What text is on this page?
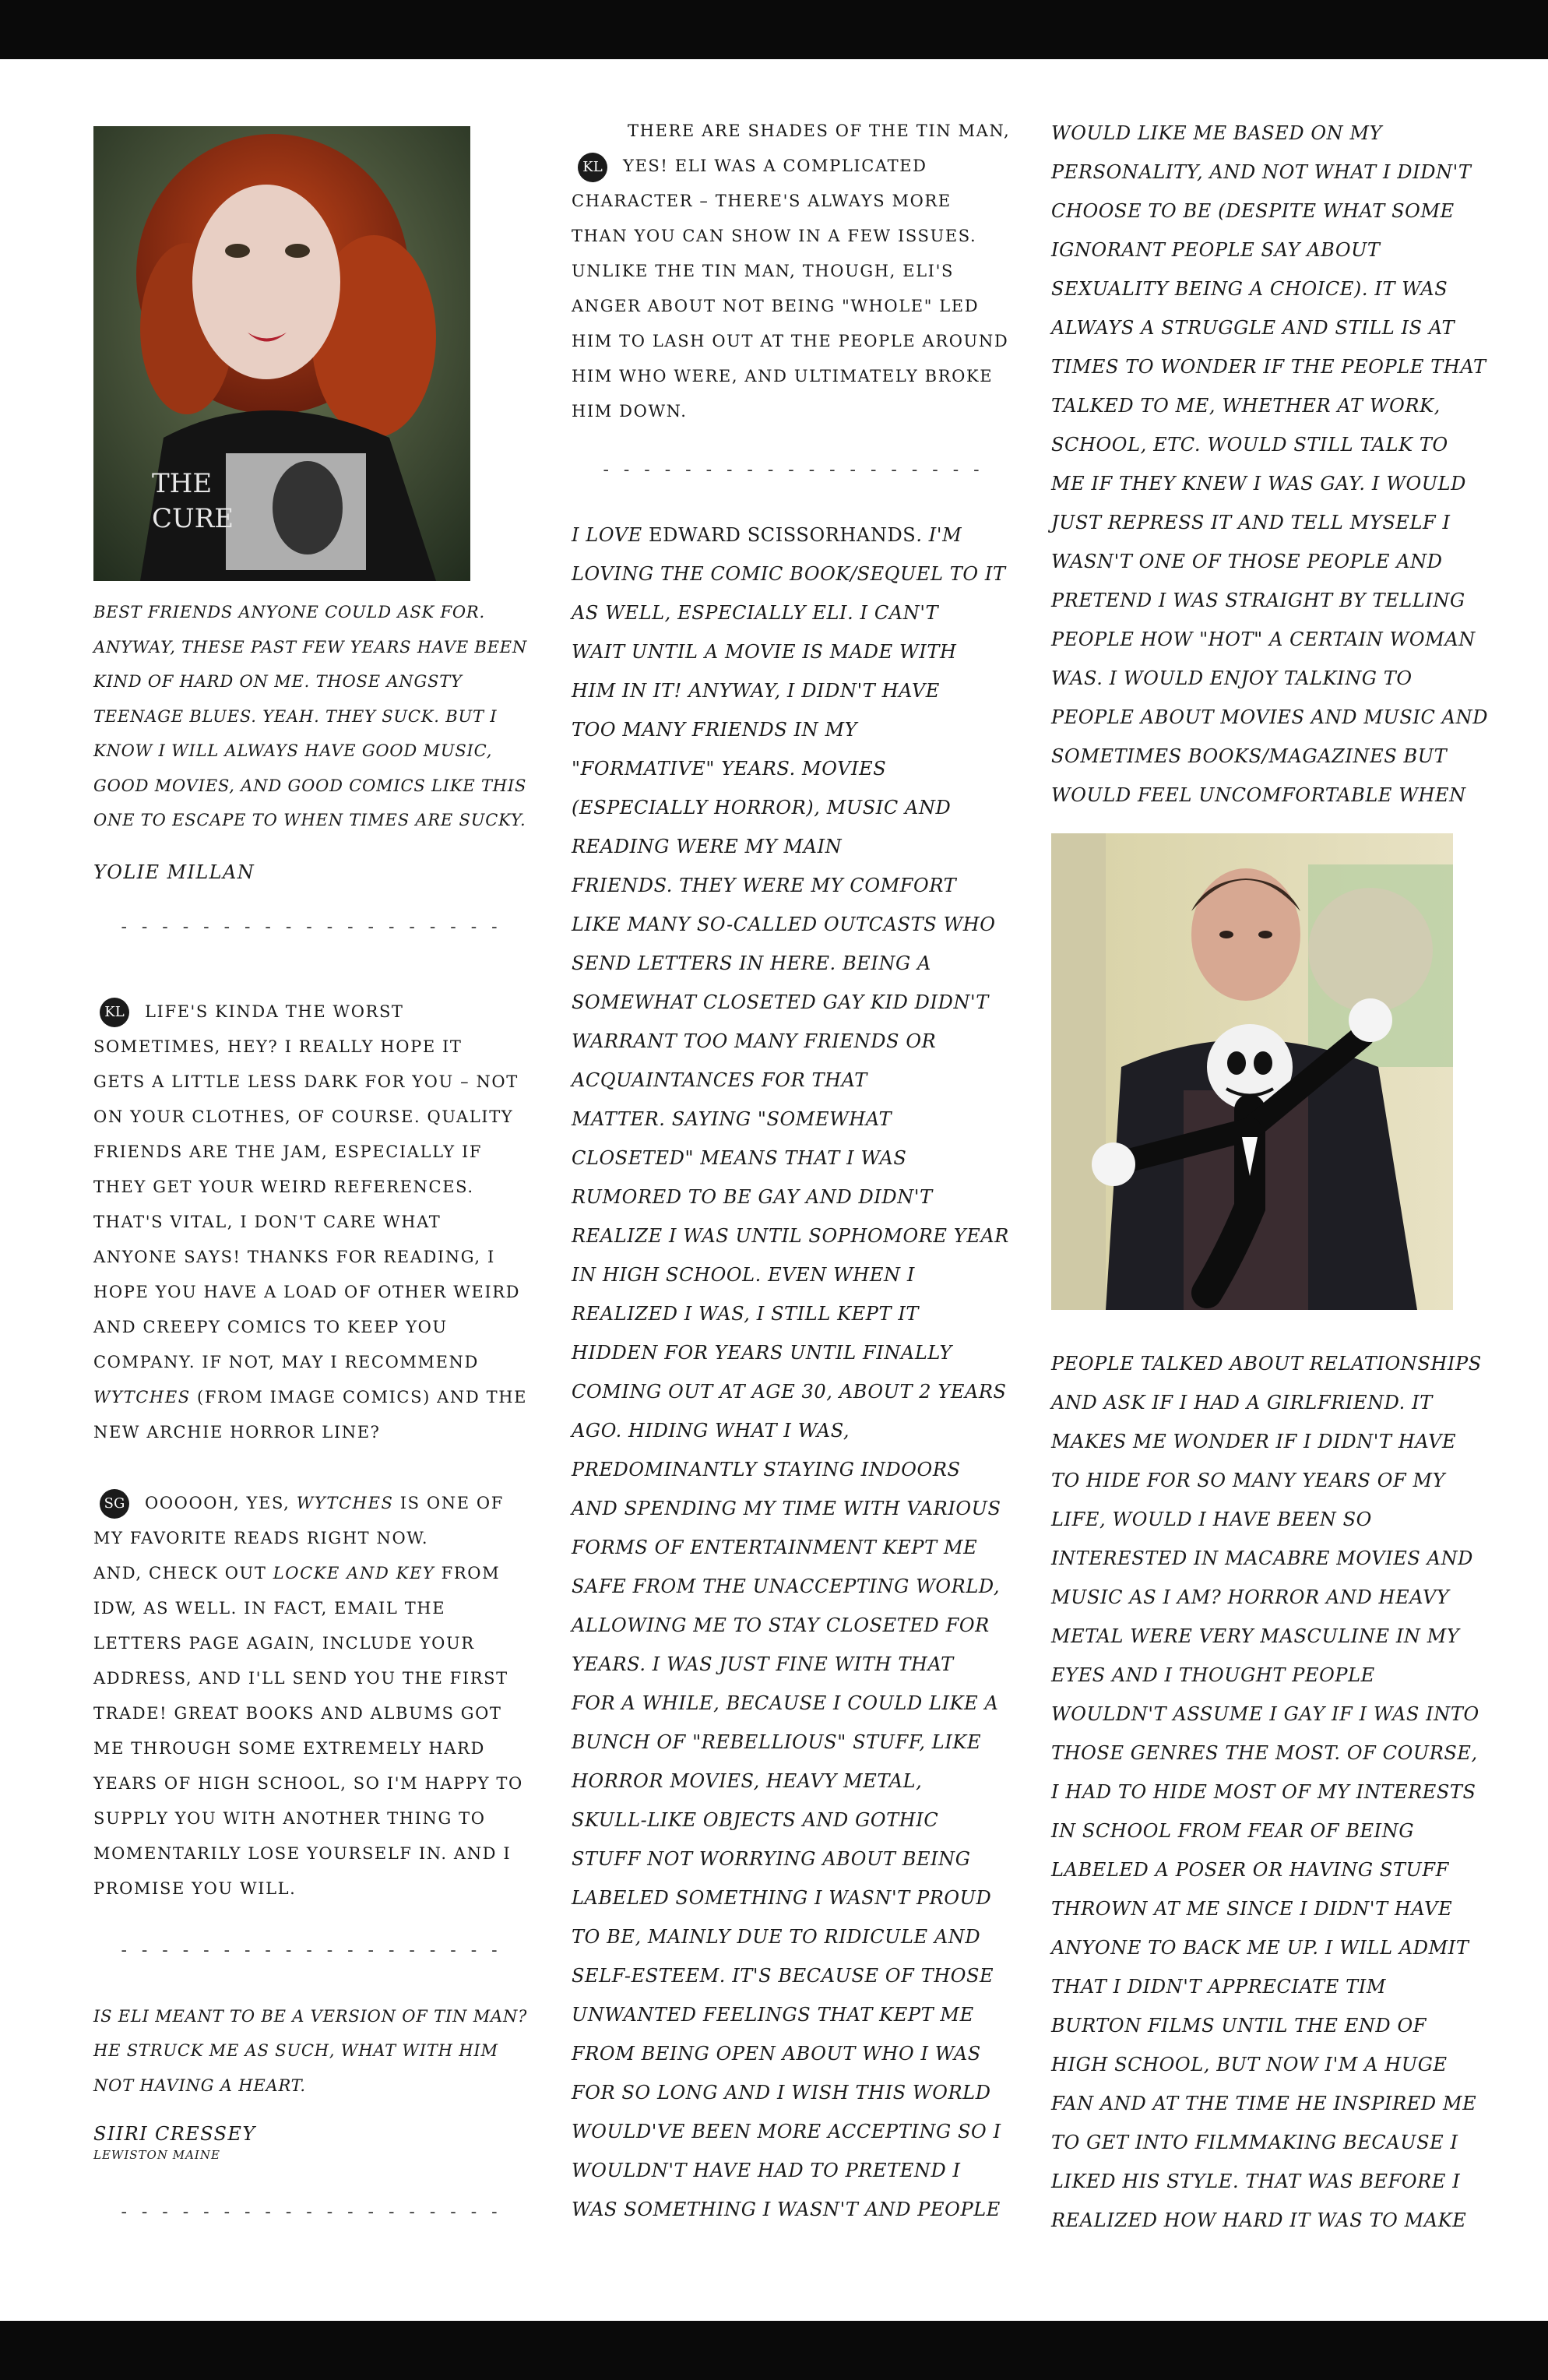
THE
CURE
BEST FRIENDS ANYONE COULD ASK FOR.
ANYWAY, THESE PAST FEW YEARS HAVE BEEN
KIND OF HARD ON ME. THOSE ANGSTY
TEENAGE BLUES. YEAH. THEY SUCK. BUT I
KNOW I WILL ALWAYS HAVE GOOD MUSIC,
GOOD MOVIES, AND GOOD COMICS LIKE THIS
ONE TO ESCAPE TO WHEN TIMES ARE SUCKY.
YOLIE MILLAN
- - - - - - - - - - - - - - - - - - -
KL LIFE'S KINDA THE WORST
SOMETIMES, HEY? I REALLY HOPE IT
GETS A LITTLE LESS DARK FOR YOU – NOT
ON YOUR CLOTHES, OF COURSE. QUALITY
FRIENDS ARE THE JAM, ESPECIALLY IF
THEY GET YOUR WEIRD REFERENCES.
THAT'S VITAL, I DON'T CARE WHAT
ANYONE SAYS! THANKS FOR READING, I
HOPE YOU HAVE A LOAD OF OTHER WEIRD
AND CREEPY COMICS TO KEEP YOU
COMPANY. IF NOT, MAY I RECOMMEND WYTCHES (FROM IMAGE COMICS) AND THE
NEW ARCHIE HORROR LINE?
SG OOOOOH, YES, WYTCHES IS ONE OF
MY FAVORITE READS RIGHT NOW.
AND, CHECK OUT LOCKE AND KEY FROM
IDW, AS WELL. IN FACT, EMAIL THE
LETTERS PAGE AGAIN, INCLUDE YOUR
ADDRESS, AND I'LL SEND YOU THE FIRST
TRADE! GREAT BOOKS AND ALBUMS GOT
ME THROUGH SOME EXTREMELY HARD
YEARS OF HIGH SCHOOL, SO I'M HAPPY TO
SUPPLY YOU WITH ANOTHER THING TO
MOMENTARILY LOSE YOURSELF IN. AND I
PROMISE YOU WILL.
- - - - - - - - - - - - - - - - - - -
IS ELI MEANT TO BE A VERSION OF TIN MAN?
HE STRUCK ME AS SUCH, WHAT WITH HIM
NOT HAVING A HEART.
SIIRI CRESSEY
LEWISTON MAINE
- - - - - - - - - - - - - - - - - - -
THERE ARE SHADES OF THE TIN MAN,
KL YES! ELI WAS A COMPLICATED
CHARACTER – THERE'S ALWAYS MORE
THAN YOU CAN SHOW IN A FEW ISSUES.
UNLIKE THE TIN MAN, THOUGH, ELI'S
ANGER ABOUT NOT BEING "WHOLE" LED
HIM TO LASH OUT AT THE PEOPLE AROUND
HIM WHO WERE, AND ULTIMATELY BROKE
HIM DOWN.
- - - - - - - - - - - - - - - - - - -
I LOVE EDWARD SCISSORHANDS. I'M
LOVING THE COMIC BOOK/SEQUEL TO IT
AS WELL, ESPECIALLY ELI. I CAN'T
WAIT UNTIL A MOVIE IS MADE WITH
HIM IN IT! ANYWAY, I DIDN'T HAVE
TOO MANY FRIENDS IN MY
"FORMATIVE" YEARS. MOVIES
(ESPECIALLY HORROR), MUSIC AND
READING WERE MY MAIN
FRIENDS. THEY WERE MY COMFORT
LIKE MANY SO-CALLED OUTCASTS WHO
SEND LETTERS IN HERE. BEING A
SOMEWHAT CLOSETED GAY KID DIDN'T
WARRANT TOO MANY FRIENDS OR
ACQUAINTANCES FOR THAT
MATTER. SAYING "SOMEWHAT
CLOSETED" MEANS THAT I WAS
RUMORED TO BE GAY AND DIDN'T
REALIZE I WAS UNTIL SOPHOMORE YEAR
IN HIGH SCHOOL. EVEN WHEN I
REALIZED I WAS, I STILL KEPT IT
HIDDEN FOR YEARS UNTIL FINALLY
COMING OUT AT AGE 30, ABOUT 2 YEARS
AGO. HIDING WHAT I WAS,
PREDOMINANTLY STAYING INDOORS
AND SPENDING MY TIME WITH VARIOUS
FORMS OF ENTERTAINMENT KEPT ME
SAFE FROM THE UNACCEPTING WORLD,
ALLOWING ME TO STAY CLOSETED FOR
YEARS. I WAS JUST FINE WITH THAT
FOR A WHILE, BECAUSE I COULD LIKE A
BUNCH OF "REBELLIOUS" STUFF, LIKE
HORROR MOVIES, HEAVY METAL,
SKULL-LIKE OBJECTS AND GOTHIC
STUFF NOT WORRYING ABOUT BEING
LABELED SOMETHING I WASN'T PROUD
TO BE, MAINLY DUE TO RIDICULE AND
SELF-ESTEEM. IT'S BECAUSE OF THOSE
UNWANTED FEELINGS THAT KEPT ME
FROM BEING OPEN ABOUT WHO I WAS
FOR SO LONG AND I WISH THIS WORLD
WOULD'VE BEEN MORE ACCEPTING SO I
WOULDN'T HAVE HAD TO PRETEND I
WAS SOMETHING I WASN'T AND PEOPLE
WOULD LIKE ME BASED ON MY
PERSONALITY, AND NOT WHAT I DIDN'T
CHOOSE TO BE (DESPITE WHAT SOME
IGNORANT PEOPLE SAY ABOUT
SEXUALITY BEING A CHOICE). IT WAS
ALWAYS A STRUGGLE AND STILL IS AT
TIMES TO WONDER IF THE PEOPLE THAT
TALKED TO ME, WHETHER AT WORK,
SCHOOL, ETC. WOULD STILL TALK TO
ME IF THEY KNEW I WAS GAY. I WOULD
JUST REPRESS IT AND TELL MYSELF I
WASN'T ONE OF THOSE PEOPLE AND
PRETEND I WAS STRAIGHT BY TELLING
PEOPLE HOW "HOT" A CERTAIN WOMAN
WAS. I WOULD ENJOY TALKING TO
PEOPLE ABOUT MOVIES AND MUSIC AND
SOMETIMES BOOKS/MAGAZINES BUT
WOULD FEEL UNCOMFORTABLE WHEN
PEOPLE TALKED ABOUT RELATIONSHIPS
AND ASK IF I HAD A GIRLFRIEND. IT
MAKES ME WONDER IF I DIDN'T HAVE
TO HIDE FOR SO MANY YEARS OF MY
LIFE, WOULD I HAVE BEEN SO
INTERESTED IN MACABRE MOVIES AND
MUSIC AS I AM? HORROR AND HEAVY
METAL WERE VERY MASCULINE IN MY
EYES AND I THOUGHT PEOPLE
WOULDN'T ASSUME I GAY IF I WAS INTO
THOSE GENRES THE MOST. OF COURSE,
I HAD TO HIDE MOST OF MY INTERESTS
IN SCHOOL FROM FEAR OF BEING
LABELED A POSER OR HAVING STUFF
THROWN AT ME SINCE I DIDN'T HAVE
ANYONE TO BACK ME UP. I WILL ADMIT
THAT I DIDN'T APPRECIATE TIM
BURTON FILMS UNTIL THE END OF
HIGH SCHOOL, BUT NOW I'M A HUGE
FAN AND AT THE TIME HE INSPIRED ME
TO GET INTO FILMMAKING BECAUSE I
LIKED HIS STYLE. THAT WAS BEFORE I
REALIZED HOW HARD IT WAS TO MAKE
